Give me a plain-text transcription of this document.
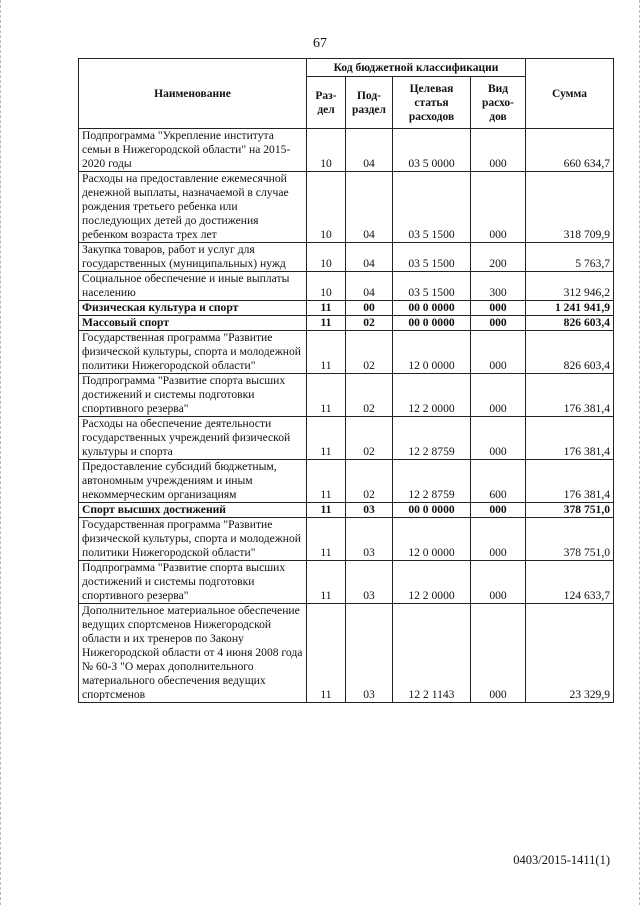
67
Наименование	Код бюджетной классификации				Сумма
	Раз-дел	Под-раздел	Целевая статья расходов	Вид расхо-дов	
Подпрограмма "Укрепление института семьи в Нижегородской области" на 2015-2020 годы	10	04	03 5 0000	000	660 634,7
Расходы на предоставление ежемесячной денежной выплаты, назначаемой в случае рождения третьего ребенка или последующих детей до достижения ребенком возраста трех лет	10	04	03 5 1500	000	318 709,9
Закупка товаров, работ и услуг для государственных (муниципальных) нужд	10	04	03 5 1500	200	5 763,7
Социальное обеспечение и иные выплаты населению	10	04	03 5 1500	300	312 946,2
Физическая культура и спорт	11	00	00 0 0000	000	1 241 941,9
Массовый спорт	11	02	00 0 0000	000	826 603,4
Государственная программа "Развитие физической культуры, спорта и молодежной политики Нижегородской области"	11	02	12 0 0000	000	826 603,4
Подпрограмма "Развитие спорта высших достижений и системы подготовки спортивного резерва"	11	02	12 2 0000	000	176 381,4
Расходы на обеспечение деятельности государственных учреждений физической культуры и спорта	11	02	12 2 8759	000	176 381,4
Предоставление субсидий бюджетным, автономным учреждениям и иным некоммерческим организациям	11	02	12 2 8759	600	176 381,4
Спорт высших достижений	11	03	00 0 0000	000	378 751,0
Государственная программа "Развитие физической культуры, спорта и молодежной политики Нижегородской области"	11	03	12 0 0000	000	378 751,0
Подпрограмма "Развитие спорта высших достижений и системы подготовки спортивного резерва"	11	03	12 2 0000	000	124 633,7
Дополнительное материальное обеспечение ведущих спортсменов Нижегородской области и их тренеров по Закону Нижегородской области от 4 июня 2008 года № 60-З "О мерах дополнительного материального обеспечения ведущих спортсменов	11	03	12 2 1143	000	23 329,9
0403/2015-1411(1)
